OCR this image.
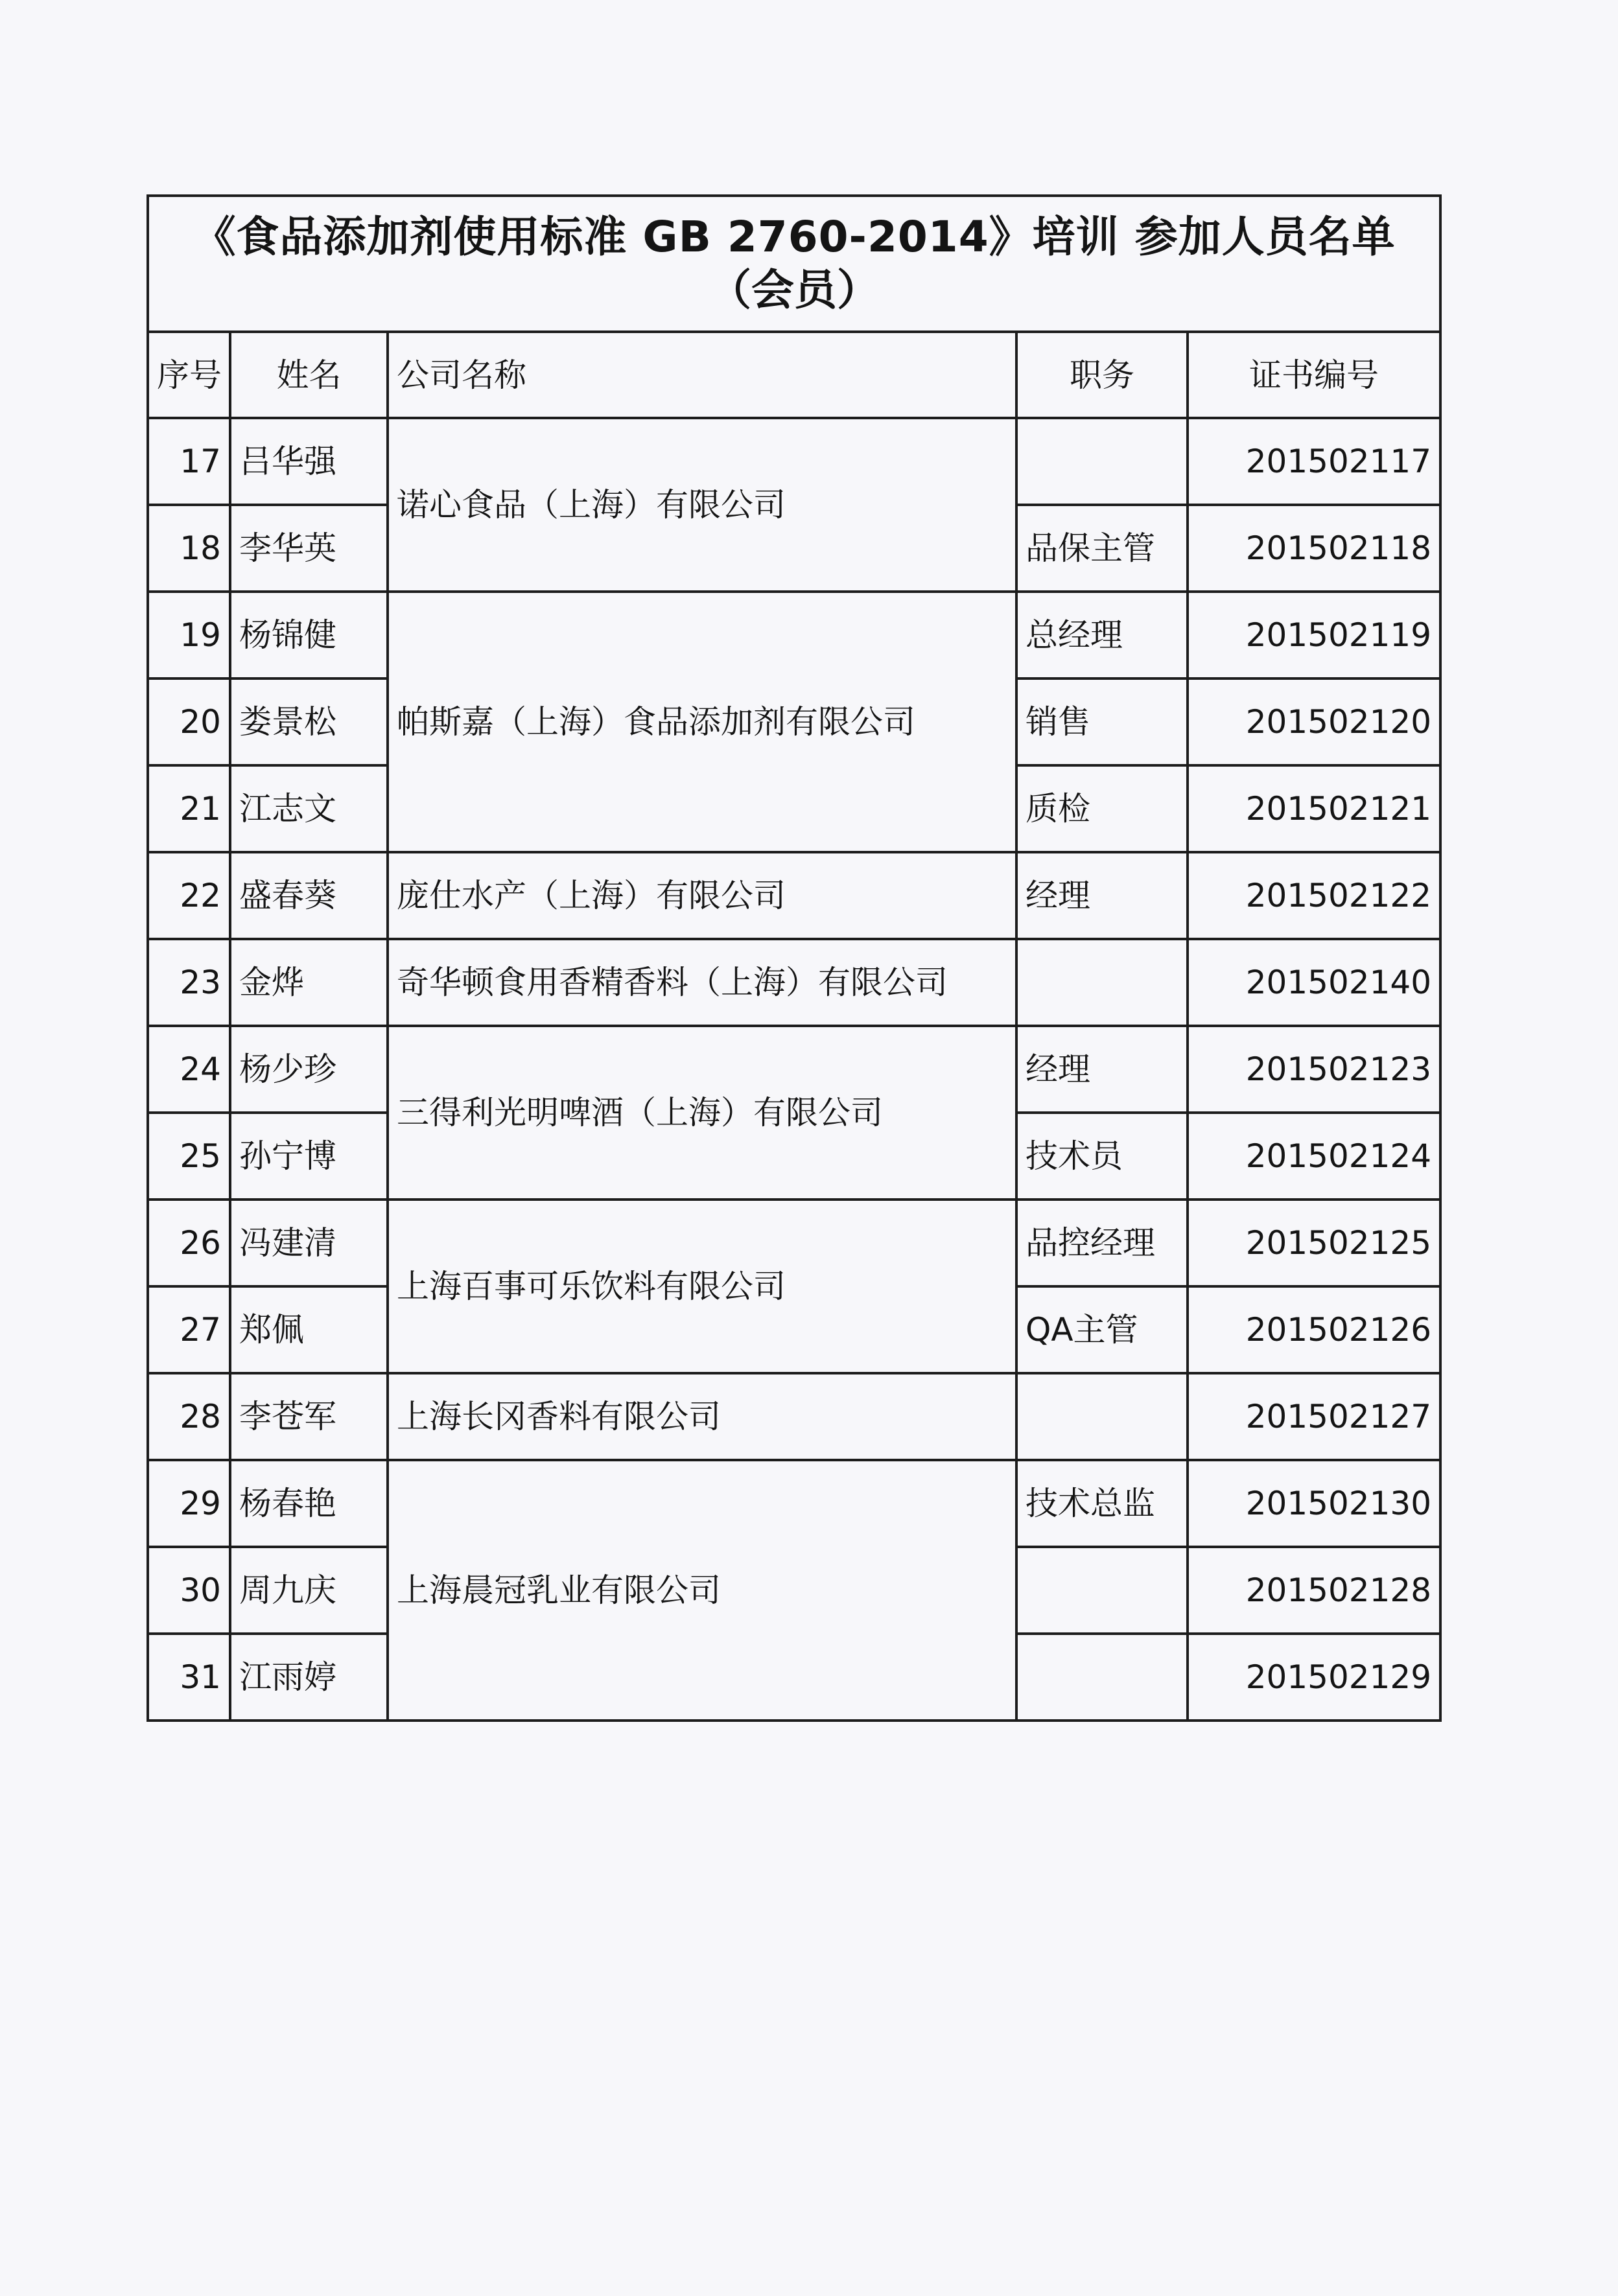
《食品添加剂使用标准 GB 2760-2014》培训 参加人员名单
（会员）				

序号	姓名	公司名称	职务	证书编号
17	吕华强	诺心食品（上海）有限公司		201502117
18	李华英		品保主管	201502118
19	杨锦健	帕斯嘉（上海）食品添加剂有限公司	总经理	201502119
20	娄景松		销售	201502120
21	江志文		质检	201502121
22	盛春葵	庞仕水产（上海）有限公司	经理	201502122
23	金烨	奇华顿食用香精香料（上海）有限公司		201502140
24	杨少珍	三得利光明啤酒（上海）有限公司	经理	201502123
25	孙宁博		技术员	201502124
26	冯建清	上海百事可乐饮料有限公司	品控经理	201502125
27	郑佩		QA主管	201502126
28	李苍军	上海长冈香料有限公司		201502127
29	杨春艳	上海晨冠乳业有限公司	技术总监	201502130
30	周九庆			201502128
31	江雨婷			201502129
